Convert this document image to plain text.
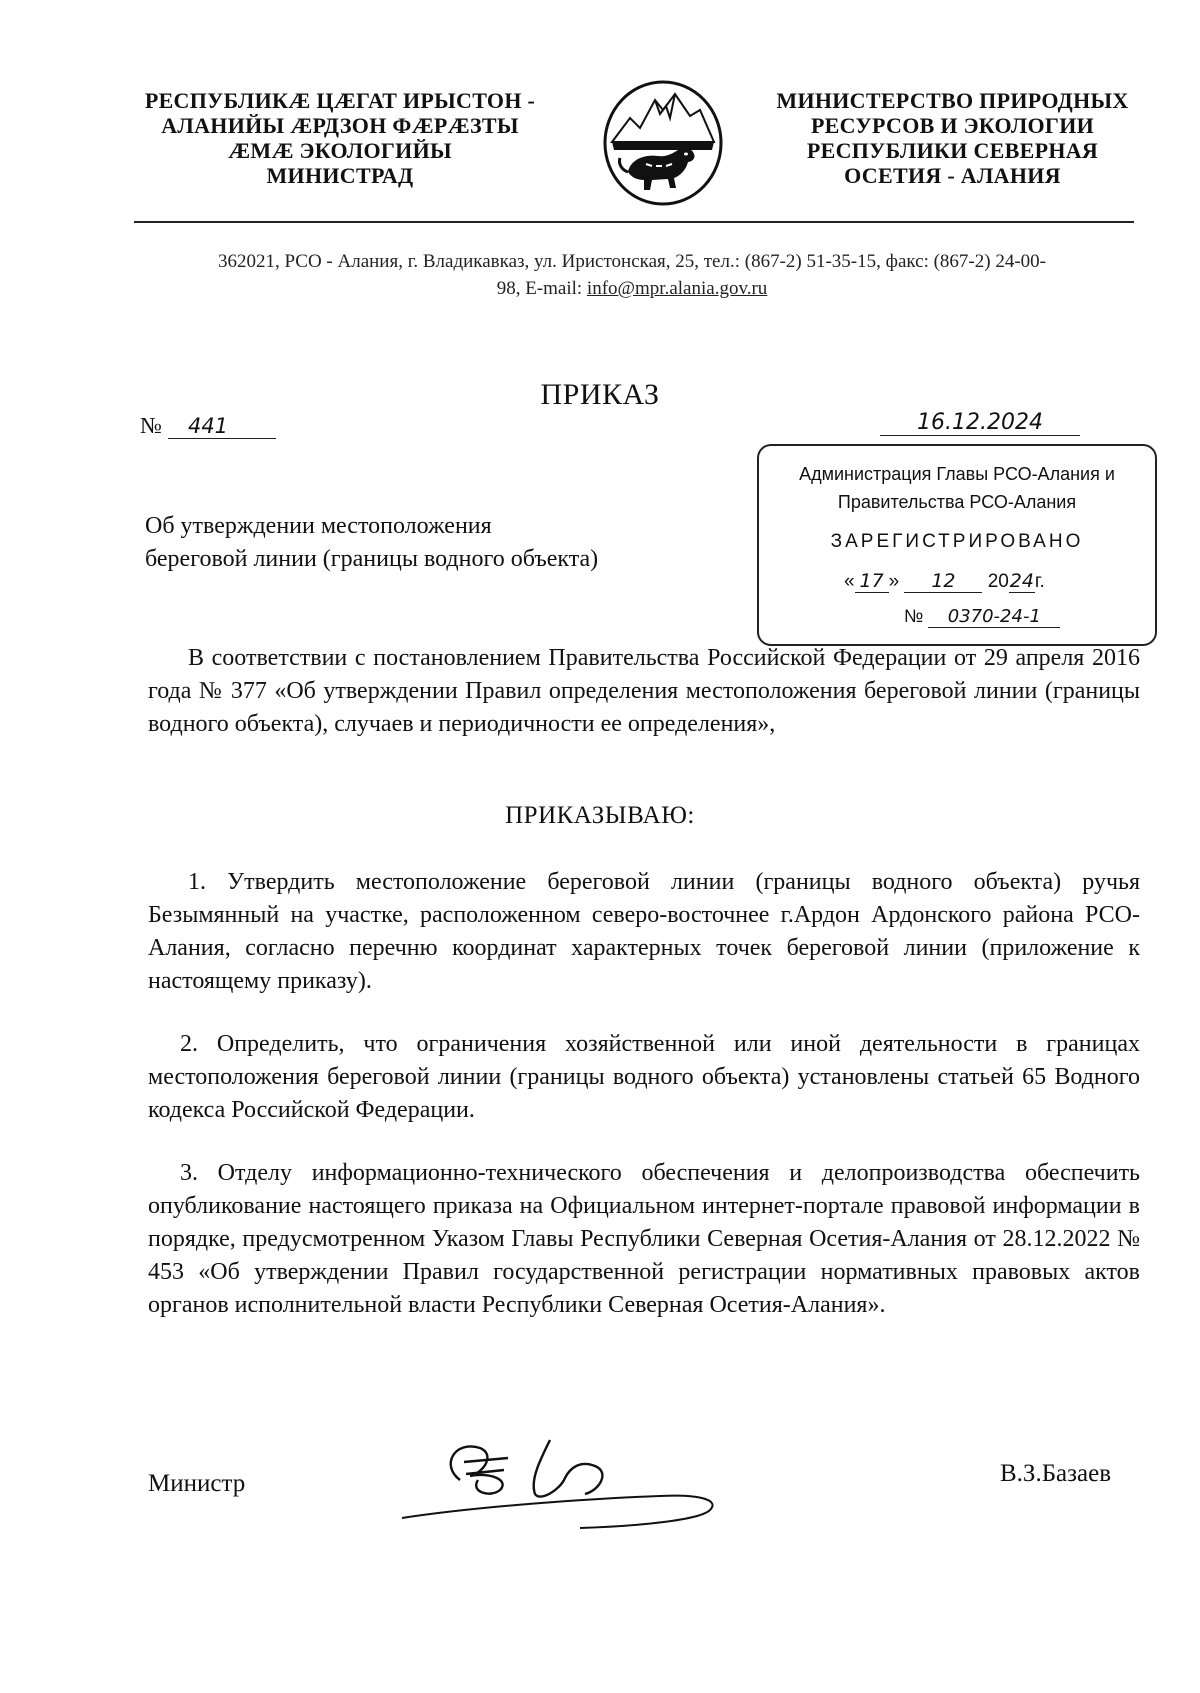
РЕСПУБЛИКÆ ЦÆГАТ ИРЫСТОН -
АЛАНИЙЫ ÆРДЗОН ФÆРÆЗТЫ
ÆМÆ ЭКОЛОГИЙЫ
МИНИСТРАД
МИНИСТЕРСТВО ПРИРОДНЫХ
РЕСУРСОВ И ЭКОЛОГИИ
РЕСПУБЛИКИ СЕВЕРНАЯ
ОСЕТИЯ - АЛАНИЯ
362021, РСО - Алания, г. Владикавказ, ул. Иристонская, 25, тел.: (867-2) 51-35-15, факс: (867-2) 24-00-
98, E-mail: info@mpr.alania.gov.ru
ПРИКАЗ
№ 441	16.12.2024
Об утверждении местоположения
береговой линии (границы водного объекта)
Администрация Главы РСО-Алания и
Правительства РСО-Алания
ЗАРЕГИСТРИРОВАНО
« 17 » 12 2024г.
№ 0370-24-1
В соответствии с постановлением Правительства Российской Федерации от 29 апреля 2016 года № 377 «Об утверждении Правил определения местоположения береговой линии (границы водного объекта), случаев и периодичности ее определения»,
ПРИКАЗЫВАЮ:
1. Утвердить местоположение береговой линии (границы водного объекта) ручья Безымянный на участке, расположенном северо-восточнее г.Ардон Ардонского района РСО-Алания, согласно перечню координат характерных точек береговой линии (приложение к настоящему приказу).
2. Определить, что ограничения хозяйственной или иной деятельности в границах местоположения береговой линии (границы водного объекта) установлены статьей 65 Водного кодекса Российской Федерации.
3. Отделу информационно-технического обеспечения и делопроизводства обеспечить опубликование настоящего приказа на Официальном интернет-портале правовой информации в порядке, предусмотренном Указом Главы Республики Северная Осетия-Алания от 28.12.2022 № 453 «Об утверждении Правил государственной регистрации нормативных правовых актов органов исполнительной власти Республики Северная Осетия-Алания».
Министр	В.З.Базаев
